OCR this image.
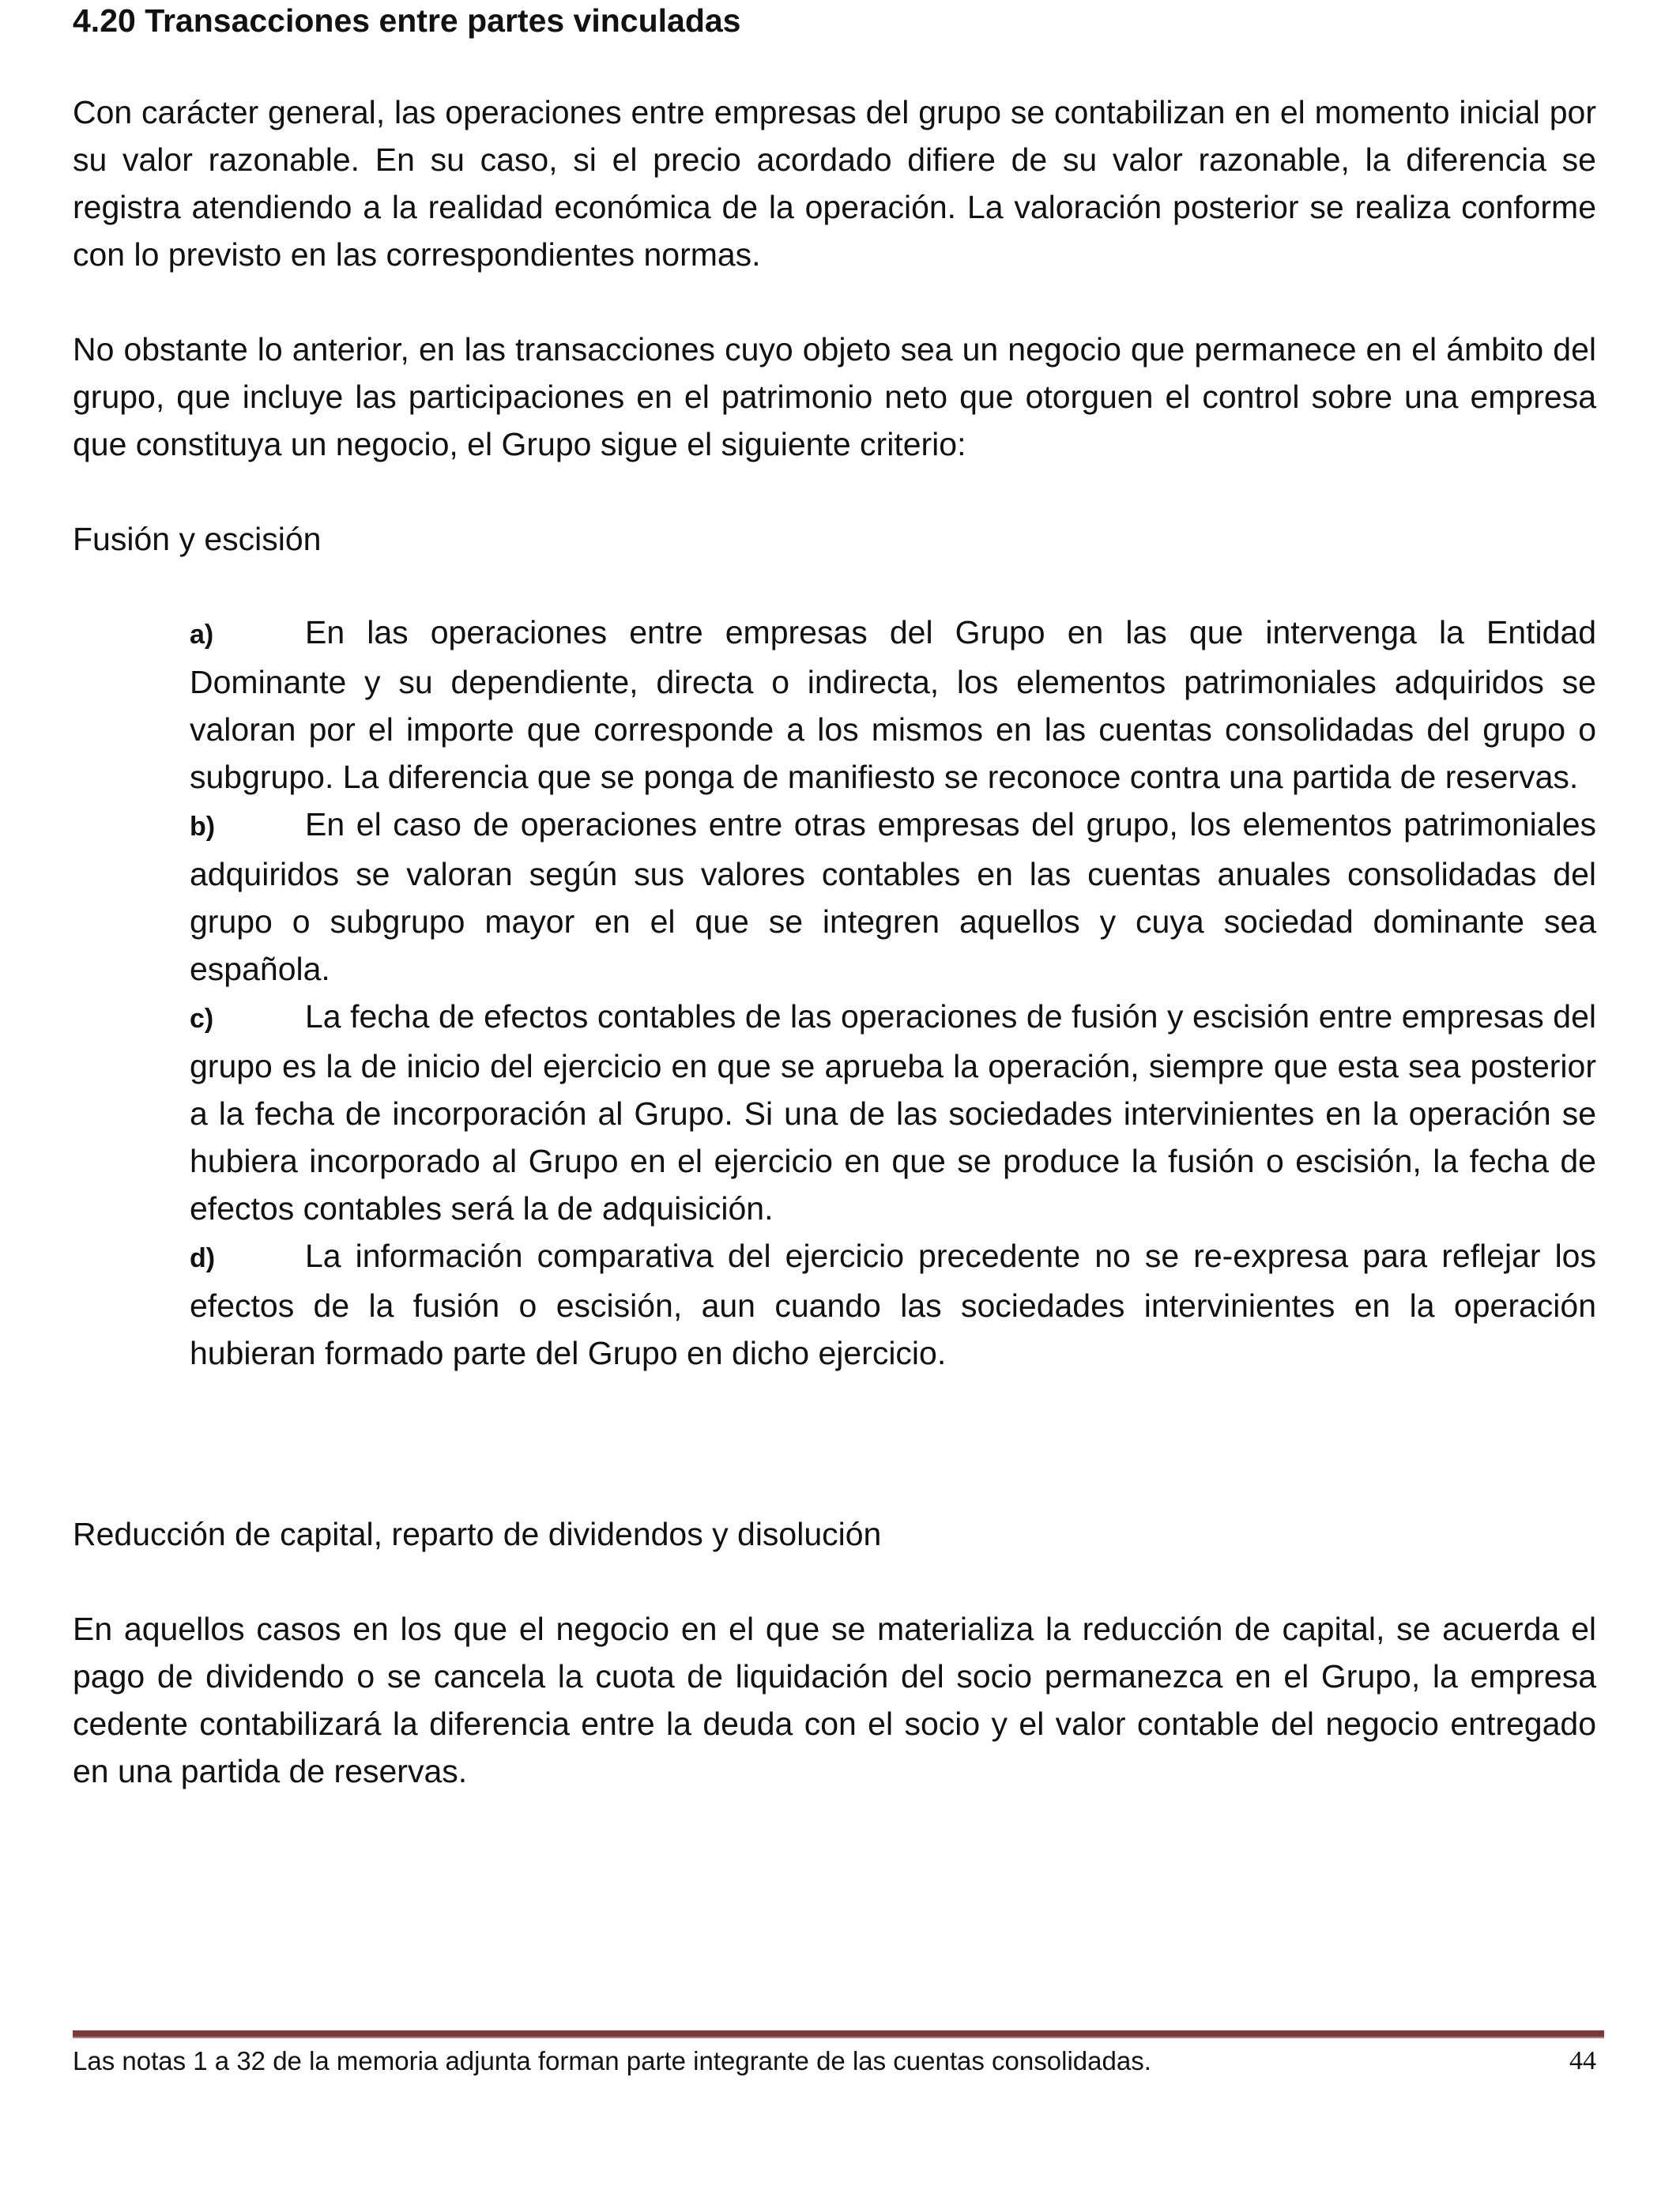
4.20 Transacciones entre partes vinculadas

Con carácter general, las operaciones entre empresas del grupo se contabilizan en el momento inicial por su valor razonable. En su caso, si el precio acordado difiere de su valor razonable, la diferencia se registra atendiendo a la realidad económica de la operación. La valoración posterior se realiza conforme con lo previsto en las correspondientes normas.

No obstante lo anterior, en las transacciones cuyo objeto sea un negocio que permanece en el ámbito del grupo, que incluye las participaciones en el patrimonio neto que otorguen el control sobre una empresa que constituya un negocio, el Grupo sigue el siguiente criterio:

Fusión y escisión

a)	En las operaciones entre empresas del Grupo en las que intervenga la Entidad Dominante y su dependiente, directa o indirecta, los elementos patrimoniales adquiridos se valoran por el importe que corresponde a los mismos en las cuentas consolidadas del grupo o subgrupo. La diferencia que se ponga de manifiesto se reconoce contra una partida de reservas.

b)	En el caso de operaciones entre otras empresas del grupo, los elementos patrimoniales adquiridos se valoran según sus valores contables en las cuentas anuales consolidadas del grupo o subgrupo mayor en el que se integren aquellos y cuya sociedad dominante sea española.

c)	La fecha de efectos contables de las operaciones de fusión y escisión entre empresas del grupo es la de inicio del ejercicio en que se aprueba la operación, siempre que esta sea posterior a la fecha de incorporación al Grupo. Si una de las sociedades intervinientes en la operación se hubiera incorporado al Grupo en el ejercicio en que se produce la fusión o escisión, la fecha de efectos contables será la de adquisición.

d)	La información comparativa del ejercicio precedente no se re-expresa para reflejar los efectos de la fusión o escisión, aun cuando las sociedades intervinientes en la operación hubieran formado parte del Grupo en dicho ejercicio.

Reducción de capital, reparto de dividendos y disolución

En aquellos casos en los que el negocio en el que se materializa la reducción de capital, se acuerda el pago de dividendo o se cancela la cuota de liquidación del socio permanezca en el Grupo, la empresa cedente contabilizará la diferencia entre la deuda con el socio y el valor contable del negocio entregado en una partida de reservas.

Las notas 1 a 32 de la memoria adjunta forman parte integrante de las cuentas consolidadas.	44
